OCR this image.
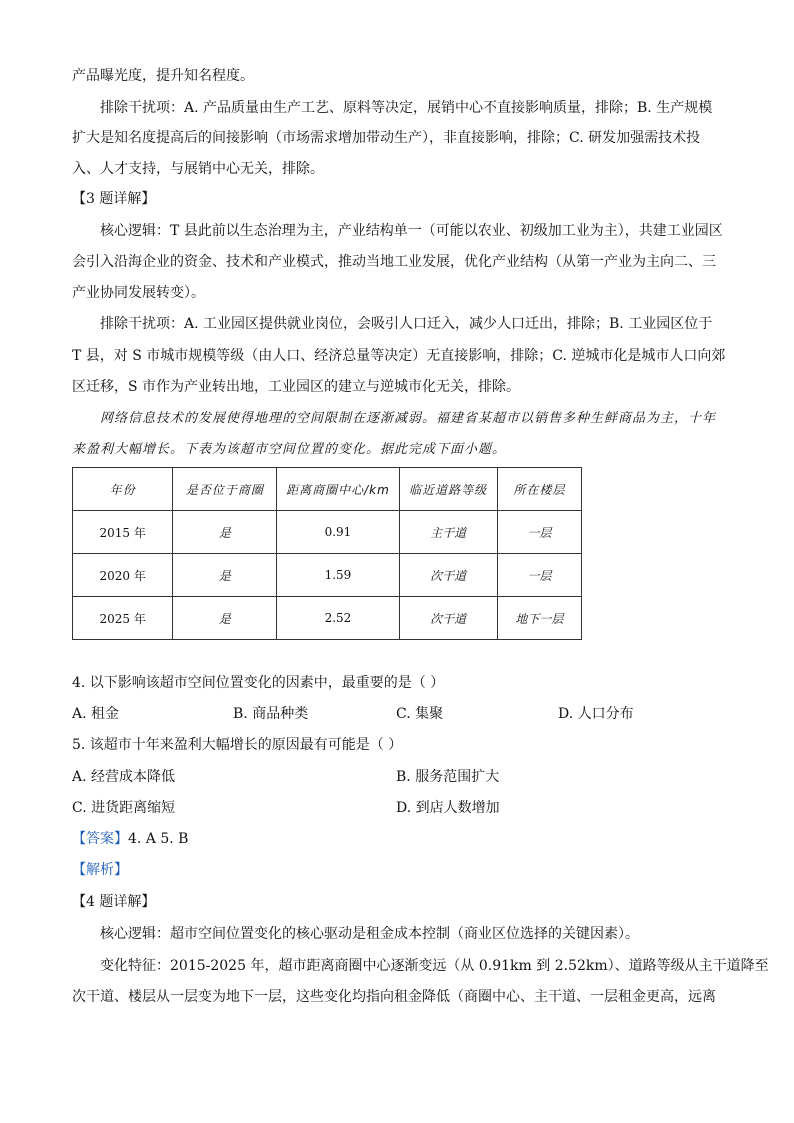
产品曝光度，提升知名程度。
排除干扰项：A. 产品质量由生产工艺、原料等决定，展销中心不直接影响质量，排除；B. 生产规模
扩大是知名度提高后的间接影响（市场需求增加带动生产），非直接影响，排除；C. 研发加强需技术投
入、人才支持，与展销中心无关，排除。
【3 题详解】
核心逻辑：T 县此前以生态治理为主，产业结构单一（可能以农业、初级加工业为主），共建工业园区
会引入沿海企业的资金、技术和产业模式，推动当地工业发展，优化产业结构（从第一产业为主向二、三
产业协同发展转变）。
排除干扰项：A. 工业园区提供就业岗位，会吸引人口迁入，减少人口迁出，排除；B. 工业园区位于
T 县，对 S 市城市规模等级（由人口、经济总量等决定）无直接影响，排除；C. 逆城市化是城市人口向郊
区迁移，S 市作为产业转出地，工业园区的建立与逆城市化无关，排除。
网络信息技术的发展使得地理的空间限制在逐渐减弱。福建省某超市以销售多种生鲜商品为主，十年
来盈利大幅增长。下表为该超市空间位置的变化。据此完成下面小题。
年份	是否位于商圈	距离商圈中心/km	临近道路等级	所在楼层
2015 年	是	0.91	主干道	一层
2020 年	是	1.59	次干道	一层
2025 年	是	2.52	次干道	地下一层
4. 以下影响该超市空间位置变化的因素中，最重要的是（ ）
A. 租金	B. 商品种类	C. 集聚	D. 人口分布
5. 该超市十年来盈利大幅增长的原因最有可能是（ ）
A. 经营成本降低	B. 服务范围扩大
C. 进货距离缩短	D. 到店人数增加
【答案】4. A 5. B
【解析】
【4 题详解】
核心逻辑：超市空间位置变化的核心驱动是租金成本控制（商业区位选择的关键因素）。
变化特征：2015-2025 年，超市距离商圈中心逐渐变远（从 0.91km 到 2.52km）、道路等级从主干道降至
次干道、楼层从一层变为地下一层，这些变化均指向租金降低（商圈中心、主干道、一层租金更高，远离
